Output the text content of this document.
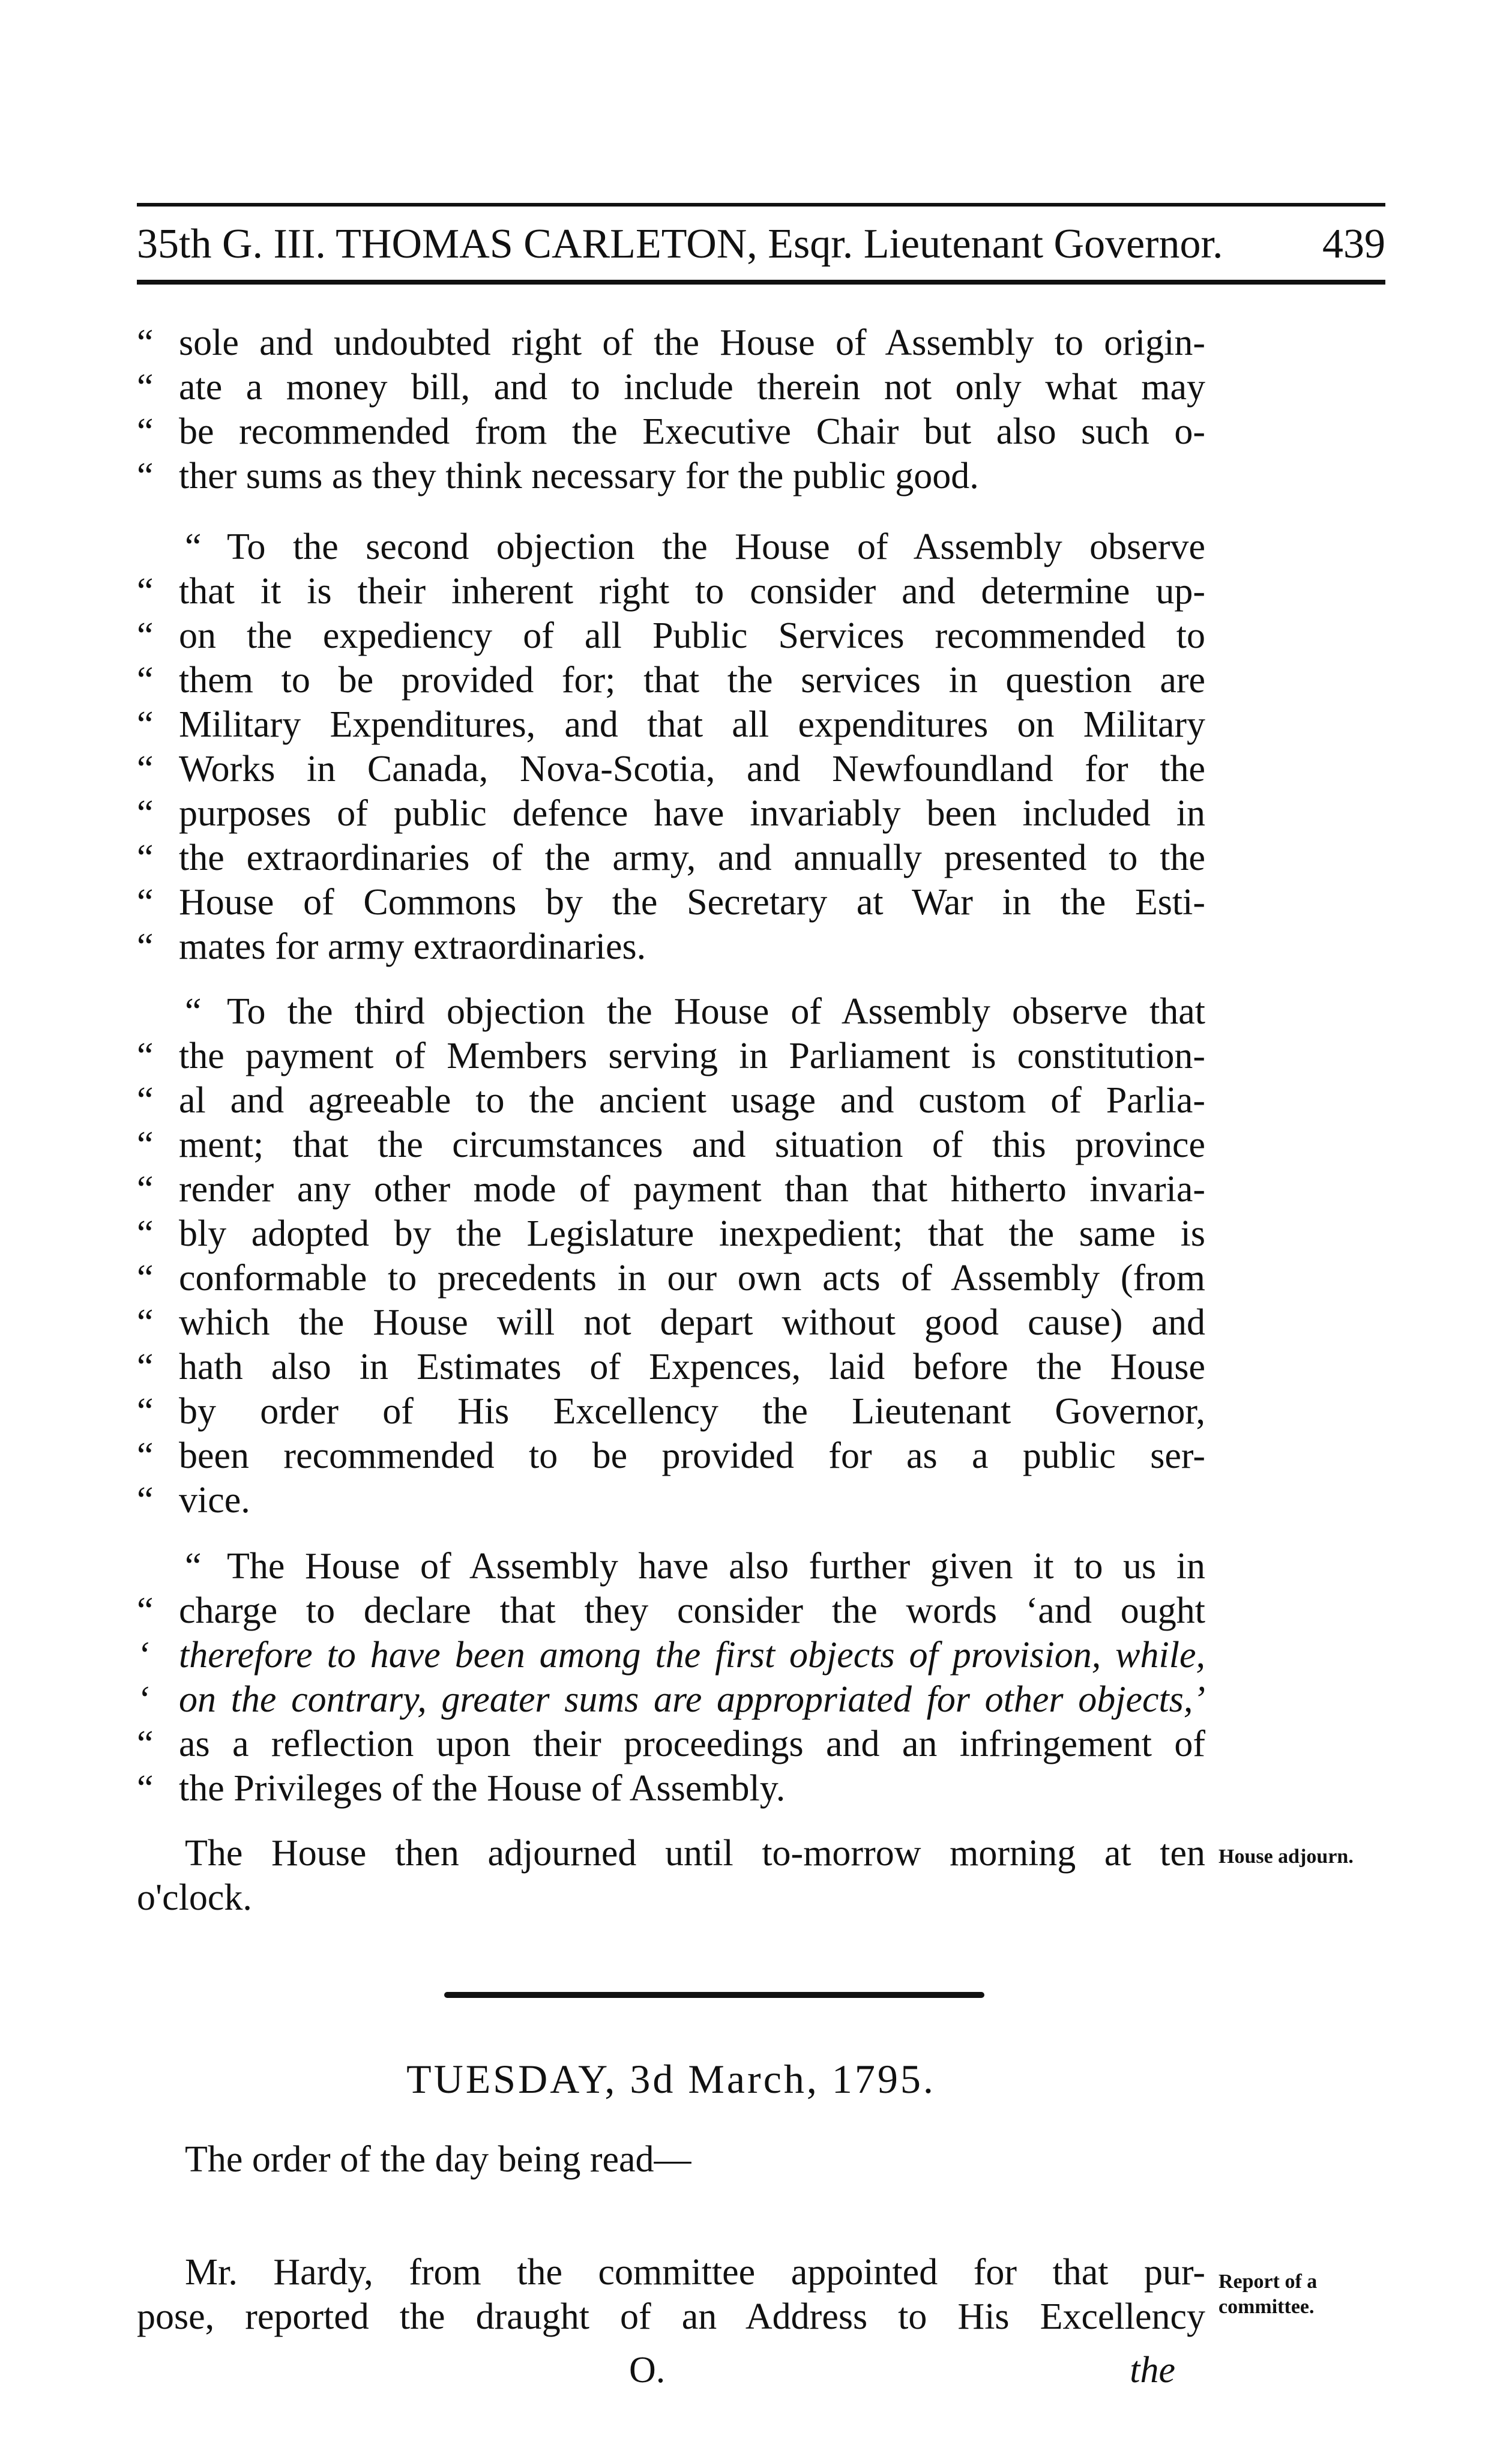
35th G. III. THOMAS CARLETON, Esqr. Lieutenant Governor. 439
“ sole and undoubted right of the House of Assembly to origin-
“ ate a money bill, and to include therein not only what may
“ be recommended from the Executive Chair but also such o-
“ ther sums as they think necessary for the public good.
“ To the second objection the House of Assembly observe
“ that it is their inherent right to consider and determine up-
“ on the expediency of all Public Services recommended to
“ them to be provided for; that the services in question are
“ Military Expenditures, and that all expenditures on Military
“ Works in Canada, Nova-Scotia, and Newfoundland for the
“ purposes of public defence have invariably been included in
“ the extraordinaries of the army, and annually presented to the
“ House of Commons by the Secretary at War in the Esti-
“ mates for army extraordinaries.
“ To the third objection the House of Assembly observe that
“ the payment of Members serving in Parliament is constitution-
“ al and agreeable to the ancient usage and custom of Parlia-
“ ment; that the circumstances and situation of this province
“ render any other mode of payment than that hitherto invaria-
“ bly adopted by the Legislature inexpedient; that the same is
“ conformable to precedents in our own acts of Assembly (from
“ which the House will not depart without good cause) and
“ hath also in Estimates of Expences, laid before the House
“ by order of His Excellency the Lieutenant Governor,
“ been recommended to be provided for as a public ser-
“ vice.
“ The House of Assembly have also further given it to us in
“ charge to declare that they consider the words ‘and ought
‘ therefore to have been among the first objects of provision, while,
‘ on the contrary, greater sums are appropriated for other objects,’
“ as a reflection upon their proceedings and an infringement of
“ the Privileges of the House of Assembly.
The House then adjourned until to-morrow morning at ten
o'clock.
House adjourn.
TUESDAY, 3d March, 1795.
The order of the day being read—
Mr. Hardy, from the committee appointed for that pur-
pose, reported the draught of an Address to His Excellency
Report of a
committee.
O.	the
